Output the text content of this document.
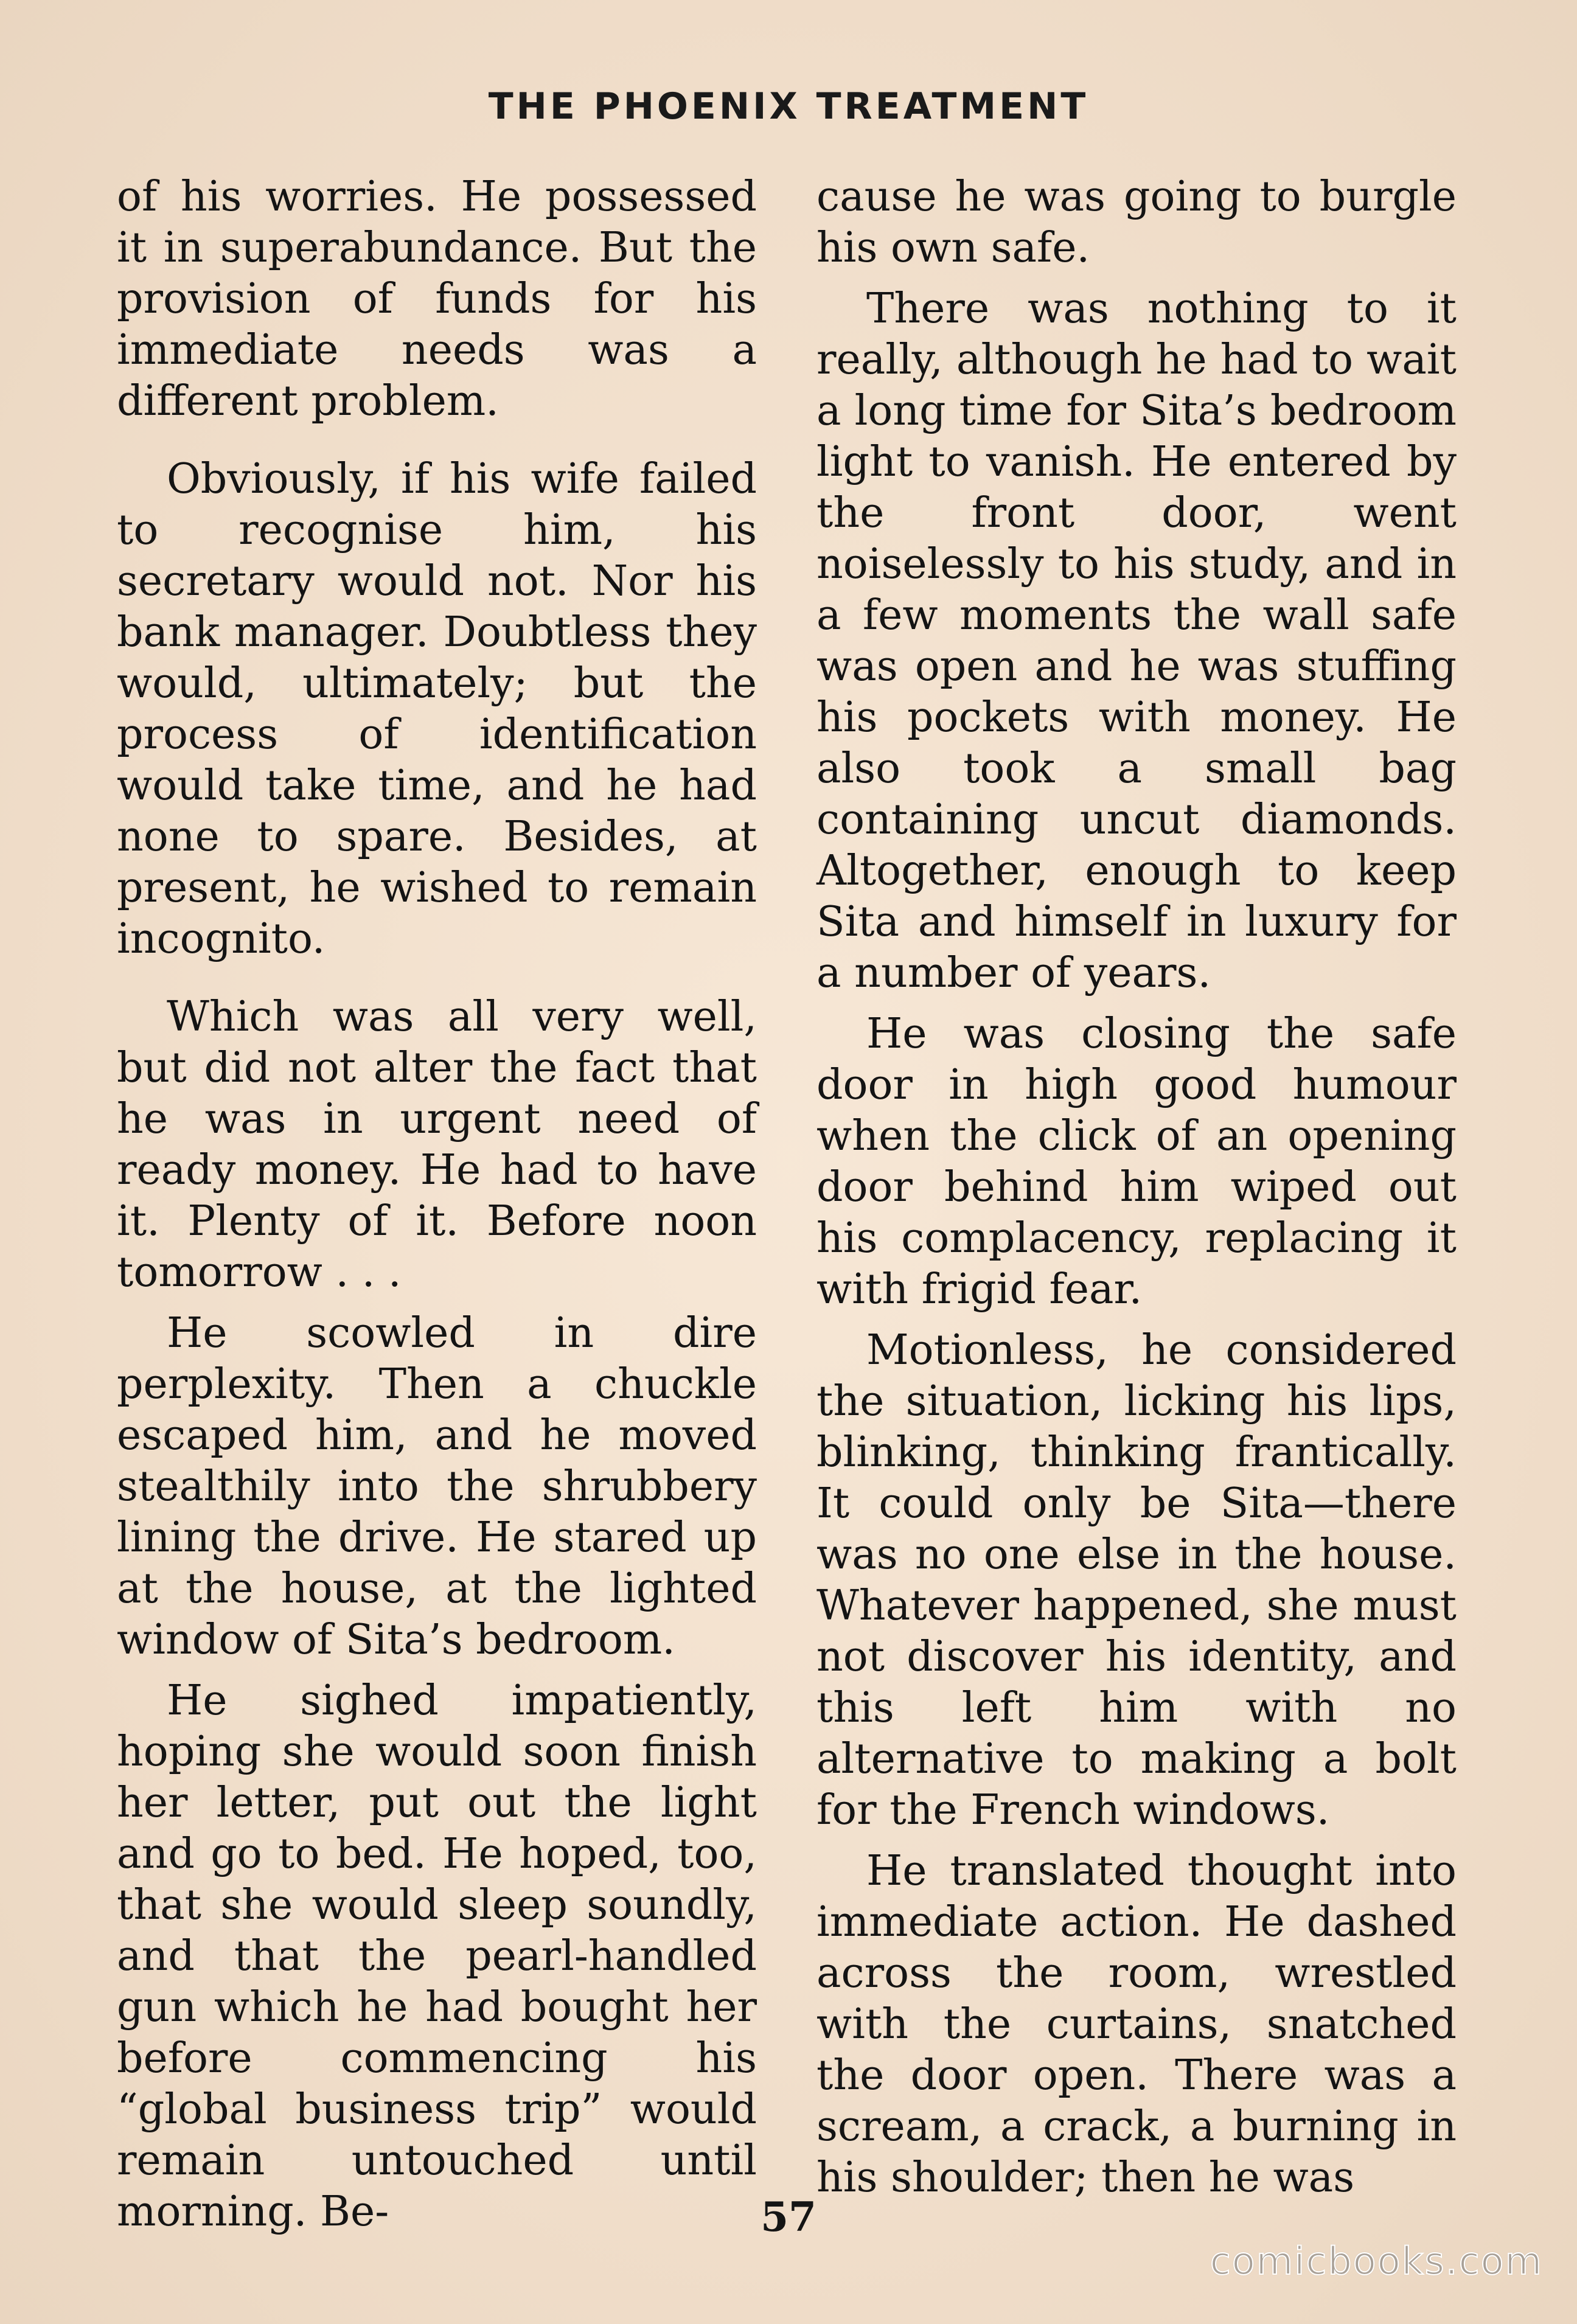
THE PHOENIX TREATMENT

of his worries. He possessed it in superabundance. But the provision of funds for his immediate needs was a different problem.

Obviously, if his wife failed to recognise him, his secretary would not. Nor his bank manager. Doubtless they would, ultimately; but the process of identification would take time, and he had none to spare. Besides, at present, he wished to remain incognito.

Which was all very well, but did not alter the fact that he was in urgent need of ready money. He had to have it. Plenty of it. Before noon tomorrow . . .

He scowled in dire perplexity. Then a chuckle escaped him, and he moved stealthily into the shrubbery lining the drive. He stared up at the house, at the lighted window of Sita’s bedroom.

He sighed impatiently, hoping she would soon finish her letter, put out the light and go to bed. He hoped, too, that she would sleep soundly, and that the pearl-handled gun which he had bought her before commencing his “global business trip” would remain untouched until morning. Be-

cause he was going to burgle his own safe.

There was nothing to it really, although he had to wait a long time for Sita’s bedroom light to vanish. He entered by the front door, went noiselessly to his study, and in a few moments the wall safe was open and he was stuffing his pockets with money. He also took a small bag containing uncut diamonds. Altogether, enough to keep Sita and himself in luxury for a number of years.

He was closing the safe door in high good humour when the click of an opening door behind him wiped out his complacency, replacing it with frigid fear.

Motionless, he considered the situation, licking his lips, blinking, thinking frantically. It could only be Sita—there was no one else in the house. Whatever happened, she must not discover his identity, and this left him with no alternative to making a bolt for the French windows.

He translated thought into immediate action. He dashed across the room, wrestled with the curtains, snatched the door open. There was a scream, a crack, a burning in his shoulder; then he was

57
comicbooks.com
